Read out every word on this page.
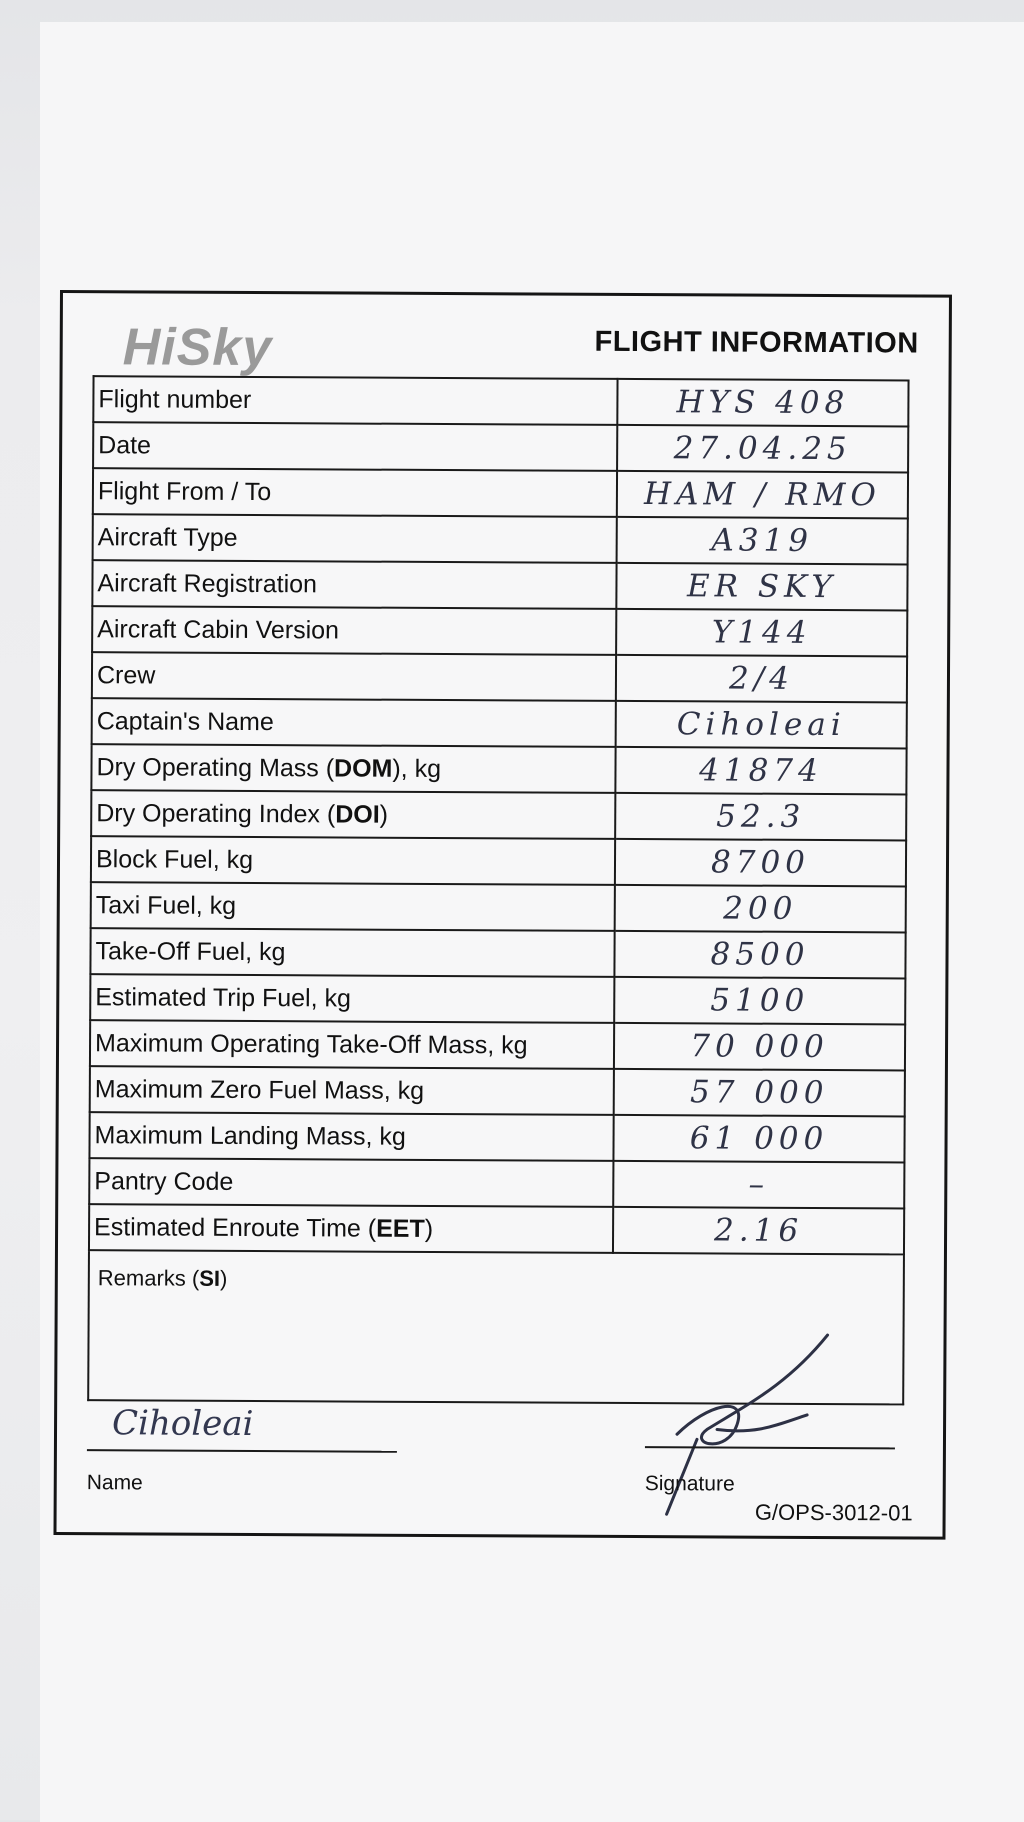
HiSky	FLIGHT INFORMATION
Flight number	HYS 408
Date	27.04.25
Flight From / To	HAM / RMO
Aircraft Type	A319
Aircraft Registration	ER SKY
Aircraft Cabin Version	Y144
Crew	2/4
Captain's Name	Ciholeai
Dry Operating Mass (DOM), kg	41874
Dry Operating Index (DOI)	52.3
Block Fuel, kg	8700
Taxi Fuel, kg	200
Take-Off Fuel, kg	8500
Estimated Trip Fuel, kg	5100
Maximum Operating Take-Off Mass, kg	70 000
Maximum Zero Fuel Mass, kg	57 000
Maximum Landing Mass, kg	61 000
Pantry Code	–
Estimated Enroute Time (EET)	2.16
Remarks (SI)
Ciholeai
Name	Signature
G/OPS-3012-01
